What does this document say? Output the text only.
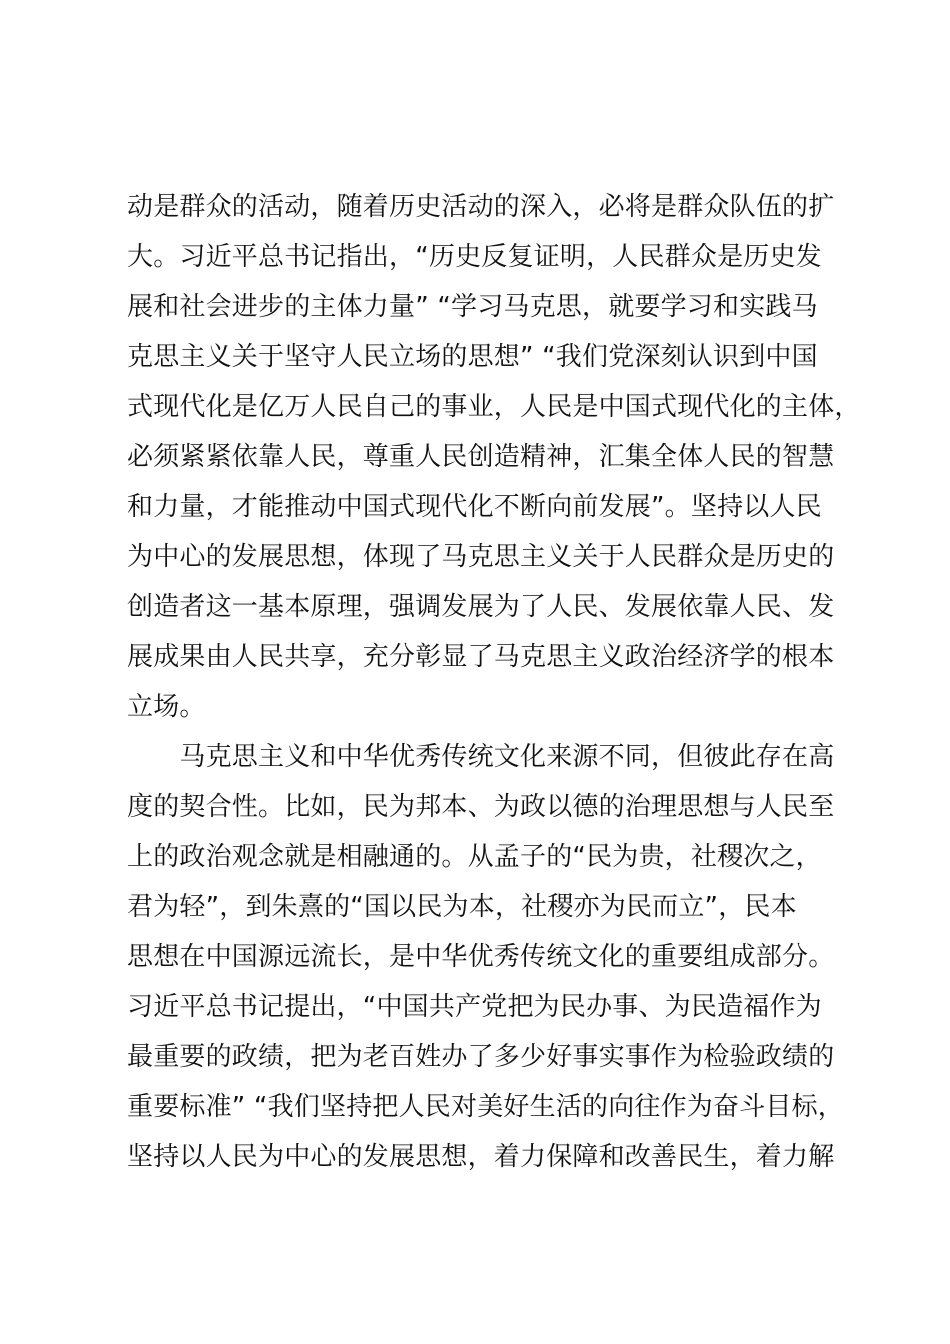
动是群众的活动，随着历史活动的深入，必将是群众队伍的扩
大。习近平总书记指出，“历史反复证明，人民群众是历史发
展和社会进步的主体力量” “学习马克思，就要学习和实践马
克思主义关于坚守人民立场的思想” “我们党深刻认识到中国
式现代化是亿万人民自己的事业，人民是中国式现代化的主体，
必须紧紧依靠人民，尊重人民创造精神，汇集全体人民的智慧
和力量，才能推动中国式现代化不断向前发展”。坚持以人民
为中心的发展思想，体现了马克思主义关于人民群众是历史的
创造者这一基本原理，强调发展为了人民、发展依靠人民、发
展成果由人民共享，充分彰显了马克思主义政治经济学的根本
立场。
　　马克思主义和中华优秀传统文化来源不同，但彼此存在高
度的契合性。比如，民为邦本、为政以德的治理思想与人民至
上的政治观念就是相融通的。从孟子的“民为贵，社稷次之，
君为轻”，到朱熹的“国以民为本，社稷亦为民而立”，民本
思想在中国源远流长，是中华优秀传统文化的重要组成部分。
习近平总书记提出，“中国共产党把为民办事、为民造福作为
最重要的政绩，把为老百姓办了多少好事实事作为检验政绩的
重要标准” “我们坚持把人民对美好生活的向往作为奋斗目标，
坚持以人民为中心的发展思想，着力保障和改善民生，着力解
